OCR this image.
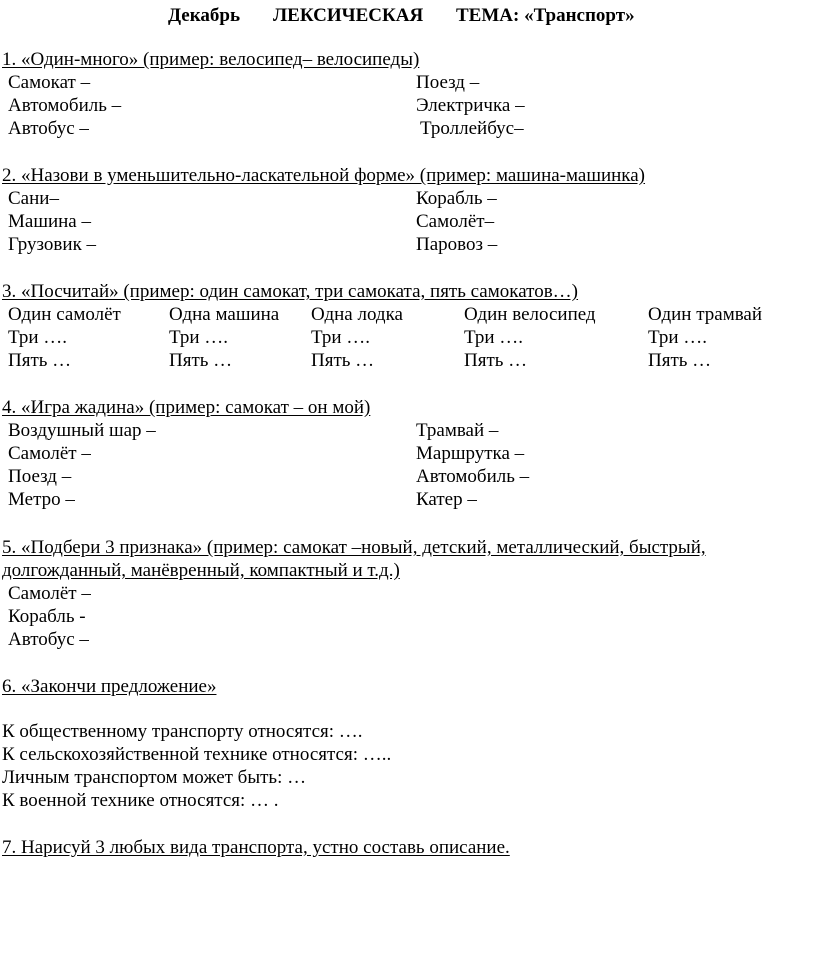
Декабрь ЛЕКСИЧЕСКАЯ ТЕМА: «Транспорт»
1. «Один-много» (пример: велосипед– велосипеды)
Самокат –
Автомобиль –
Автобус –
Поезд –
Электричка –
Троллейбус–
2. «Назови в уменьшительно-ласкательной форме» (пример: машина-машинка)
Сани–
Машина –
Грузовик –
Корабль –
Самолёт–
Паровоз –
3. «Посчитай» (пример: один самокат, три самоката, пять самокатов…)
Один самолёт
Три ….
Пять …
Одна машина
Три ….
Пять …
Одна лодка
Три ….
Пять …
Один велосипед
Три ….
Пять …
Один трамвай
Три ….
Пять …
4. «Игра жадина» (пример: самокат – он мой)
Воздушный шар –
Самолёт –
Поезд –
Метро –
Трамвай –
Маршрутка –
Автомобиль –
Катер –
5. «Подбери 3 признака» (пример: самокат –новый, детский, металлический, быстрый,
долгожданный, манёвренный, компактный и т.д.)
Самолёт –
Корабль -
Автобус –
6. «Закончи предложение»
К общественному транспорту относятся: ….
К сельскохозяйственной технике относятся: …..
Личным транспортом может быть: …
К военной технике относятся: … .
7. Нарисуй 3 любых вида транспорта, устно составь описание.
